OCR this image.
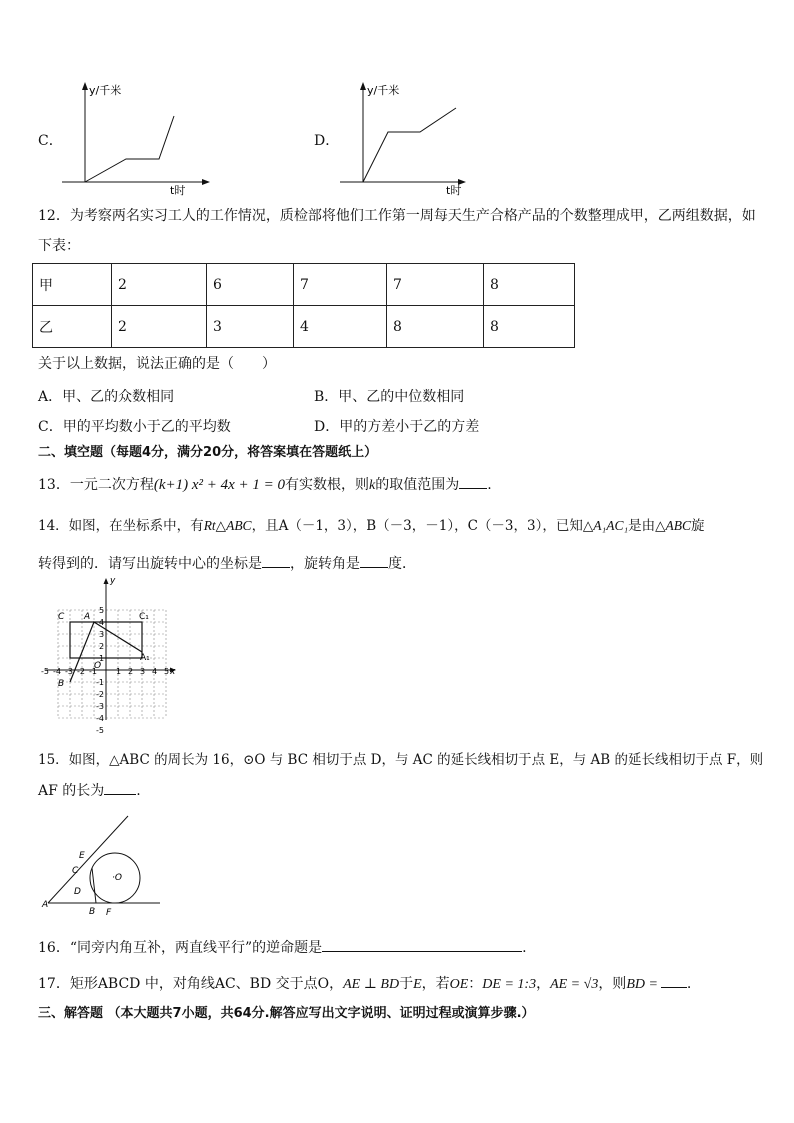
C．
y/千米
t时
D．
y/千米
t时
12．为考察两名实习工人的工作情况，质检部将他们工作第一周每天生产合格产品的个数整理成甲，乙两组数据，如
下表：
甲	2	6	7	7	8
乙	2	3	4	8	8
关于以上数据，说法正确的是（　　）
A．甲、乙的众数相同	B．甲、乙的中位数相同
C．甲的平均数小于乙的平均数	D．甲的方差小于乙的方差
二、填空题（每题4分，满分20分，将答案填在答题纸上）
13．一元二次方程(k+1) x² + 4x + 1 = 0有实数根，则k的取值范围为 .
14．如图，在坐标系中，有Rt△ABC，且A（－1，3），B（－3，－1），C（－3，3），已知△A₁AC₁是由△ABC旋
转得到的．请写出旋转中心的坐标是 ，旋转角是 度．
y
x
O
-5 -4 -3 -2 -1 1 2 3 4 5
5
4
3
2
1
-1
-2
-3
-4
-5
C A	C₁
A₁
B
15．如图，△ABC 的周长为 16，⊙O 与 BC 相切于点 D，与 AC 的延长线相切于点 E，与 AB 的延长线相切于点 F，则
AF 的长为 .
E
C
D
A
B F
·O
16．“同旁内角互补，两直线平行”的逆命题是	.
17．矩形ABCD 中，对角线AC、BD 交于点O，AE ⊥ BD于E，若OE：DE = 1:3，AE = √3，则BD = .
三、解答题 （本大题共7小题，共64分.解答应写出文字说明、证明过程或演算步骤.）
